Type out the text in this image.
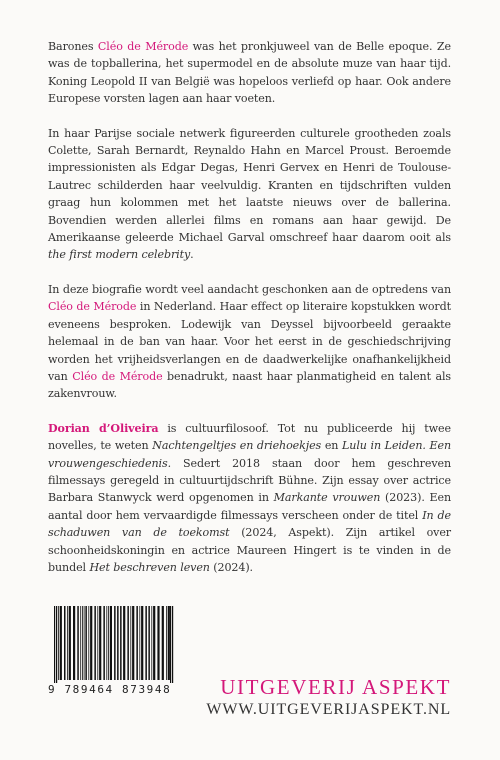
Barones Cléo de Mérode was het pronkjuweel van de Belle epoque. Ze was de topballerina, het supermodel en de absolute muze van haar tijd. Koning Leopold II van België was hopeloos verliefd op haar. Ook andere Europese vorsten lagen aan haar voeten.

In haar Parijse sociale netwerk figureerden culturele grootheden zoals Colette, Sarah Bernardt, Reynaldo Hahn en Marcel Proust. Beroemde impressionisten als Edgar Degas, Henri Gervex en Henri de Toulouse-Lautrec schilderden haar veelvuldig. Kranten en tijdschriften vulden graag hun kolommen met het laatste nieuws over de ballerina. Bovendien werden allerlei films en romans aan haar gewijd. De Amerikaanse geleerde Michael Garval omschreef haar daarom ooit als the first modern celebrity.

In deze biografie wordt veel aandacht geschonken aan de optredens van Cléo de Mérode in Nederland. Haar effect op literaire kopstukken wordt eveneens besproken. Lodewijk van Deyssel bijvoorbeeld geraakte helemaal in de ban van haar. Voor het eerst in de geschiedschrijving worden het vrijheidsverlangen en de daadwerkelijke onafhankelijkheid van Cléo de Mérode benadrukt, naast haar planmatigheid en talent als zakenvrouw.

Dorian d’Oliveira is cultuurfilosoof. Tot nu publiceerde hij twee novelles, te weten Nachtengeltjes en driehoekjes en Lulu in Leiden. Een vrouwengeschiedenis. Sedert 2018 staan door hem geschreven filmessays geregeld in cultuurtijdschrift Bühne. Zijn essay over actrice Barbara Stanwyck werd opgenomen in Markante vrouwen (2023). Een aantal door hem vervaardigde filmessays verscheen onder de titel In de schaduwen van de toekomst (2024, Aspekt). Zijn artikel over schoonheidskoningin en actrice Maureen Hingert is te vinden in de bundel Het beschreven leven (2024).

9 789464 873948	UITGEVERIJ ASPEKT
WWW.UITGEVERIJASPEKT.NL
